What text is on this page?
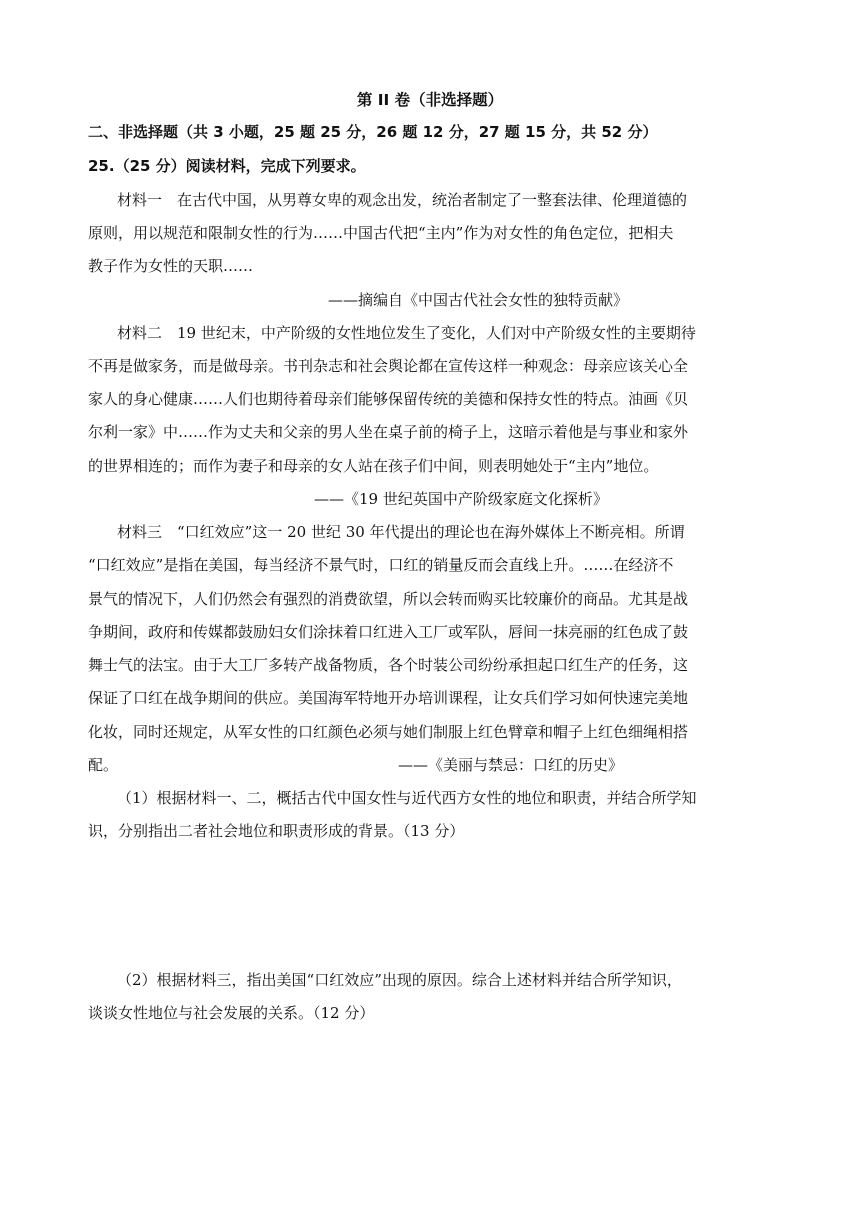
第 II 卷（非选择题）
二、非选择题（共 3 小题，25 题 25 分，26 题 12 分，27 题 15 分，共 52 分）
25.（25 分）阅读材料，完成下列要求。
材料一　在古代中国，从男尊女卑的观念出发，统治者制定了一整套法律、伦理道德的
原则，用以规范和限制女性的行为……中国古代把“主内”作为对女性的角色定位，把相夫
教子作为女性的天职……
——摘编自《中国古代社会女性的独特贡献》
材料二　19 世纪末，中产阶级的女性地位发生了变化，人们对中产阶级女性的主要期待
不再是做家务，而是做母亲。书刊杂志和社会舆论都在宣传这样一种观念：母亲应该关心全
家人的身心健康……人们也期待着母亲们能够保留传统的美德和保持女性的特点。油画《贝
尔利一家》中……作为丈夫和父亲的男人坐在桌子前的椅子上，这暗示着他是与事业和家外
的世界相连的；而作为妻子和母亲的女人站在孩子们中间，则表明她处于“主内”地位。
——《19 世纪英国中产阶级家庭文化探析》
材料三　“口红效应”这一 20 世纪 30 年代提出的理论也在海外媒体上不断亮相。所谓
“口红效应”是指在美国，每当经济不景气时，口红的销量反而会直线上升。……在经济不
景气的情况下，人们仍然会有强烈的消费欲望，所以会转而购买比较廉价的商品。尤其是战
争期间，政府和传媒都鼓励妇女们涂抹着口红进入工厂或军队，唇间一抹亮丽的红色成了鼓
舞士气的法宝。由于大工厂多转产战备物质，各个时装公司纷纷承担起口红生产的任务，这
保证了口红在战争期间的供应。美国海军特地开办培训课程，让女兵们学习如何快速完美地
化妆，同时还规定，从军女性的口红颜色必须与她们制服上红色臂章和帽子上红色细绳相搭
配。	——《美丽与禁忌：口红的历史》
（1）根据材料一、二，概括古代中国女性与近代西方女性的地位和职责，并结合所学知
识，分别指出二者社会地位和职责形成的背景。（13 分）
（2）根据材料三，指出美国“口红效应”出现的原因。综合上述材料并结合所学知识，
谈谈女性地位与社会发展的关系。（12 分）
